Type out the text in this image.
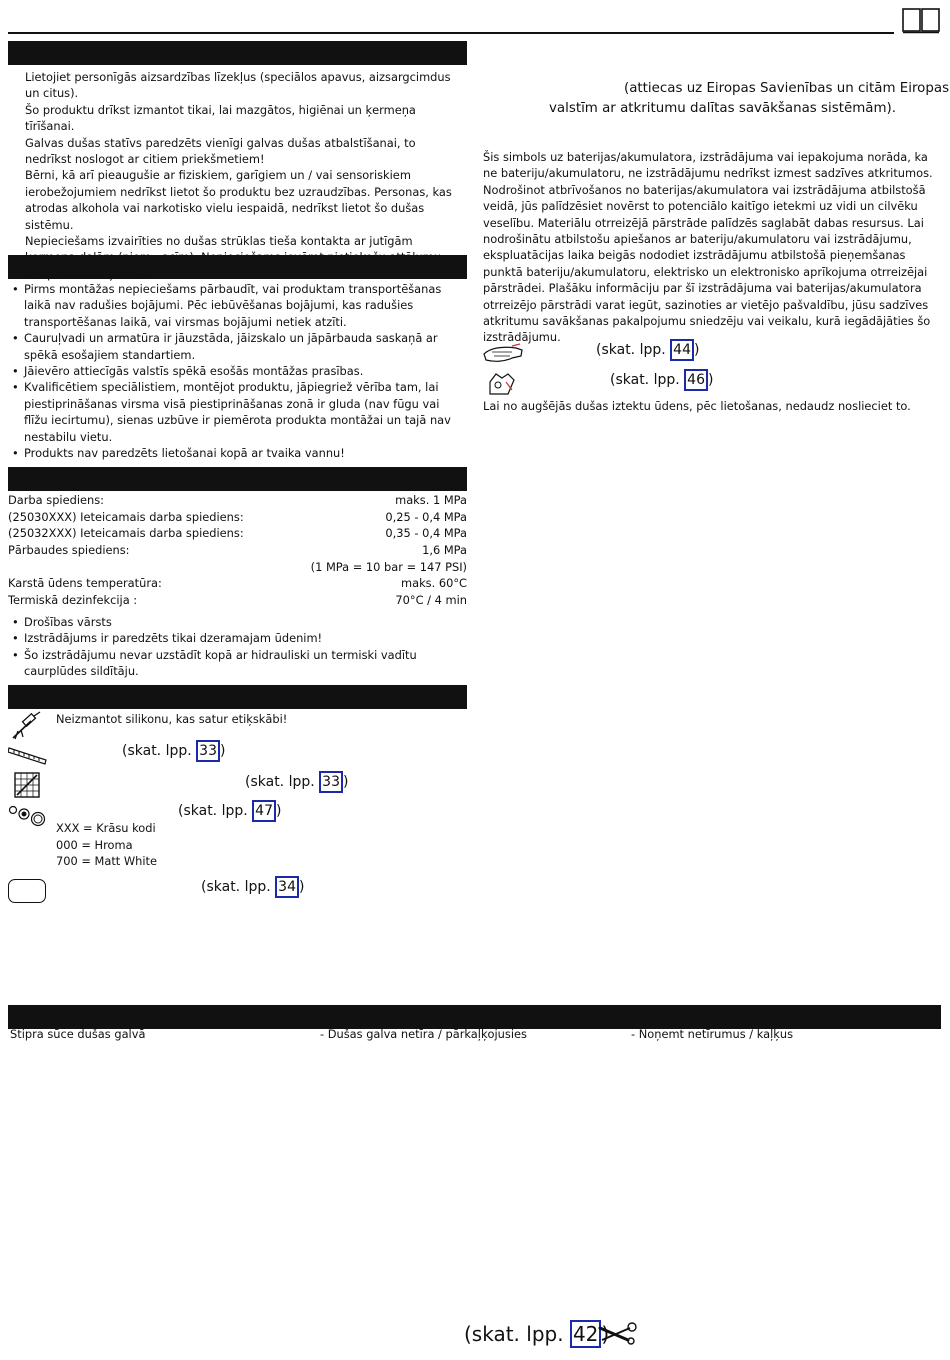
Lietojiet personīgās aizsardzības līzekļus (speciālos apavus, aizsargcimdus un citus).

Šo produktu drīkst izmantot tikai, lai mazgātos, higiēnai un ķermeņa tīrīšanai.

Galvas dušas statīvs paredzēts vienīgi galvas dušas atbalstīšanai, to nedrīkst noslogot ar citiem priekšmetiem!

Bērni, kā arī pieaugušie ar fiziskiem, garīgiem un / vai sensoriskiem ierobežojumiem nedrīkst lietot šo produktu bez uzraudzības. Personas, kas atrodas alkohola vai narkotisko vielu iespaidā, nedrīkst lietot šo dušas sistēmu.

Nepieciešams izvairīties no dušas strūklas tieša kontakta ar jutīgām ķermeņa daļām (piem., acīm). Nepieciešams ievērot pietiekošu attālumu starp dušu un ķermeni.

• Pirms montāžas nepieciešams pārbaudīt, vai produktam transportēšanas laikā nav radušies bojājumi. Pēc iebūvēšanas bojājumi, kas radušies transportēšanas laikā, vai virsmas bojājumi netiek atzīti.
• Cauruļvadi un armatūra ir jāuzstāda, jāizskalo un jāpārbauda saskaņā ar spēkā esošajiem standartiem.
• Jāievēro attiecīgās valstīs spēkā esošās montāžas prasības.
• Kvalificētiem speciālistiem, montējot produktu, jāpiegriež vērība tam, lai piestiprināšanas virsma visā piestiprināšanas zonā ir gluda (nav fūgu vai flīžu iecirtumu), sienas uzbūve ir piemērota produkta montāžai un tajā nav nestabilu vietu.
• Produkts nav paredzēts lietošanai kopā ar tvaika vannu!
Darba spiediens:	maks. 1 MPa
(25030XXX) Ieteicamais darba spiediens:	0,25 - 0,4 MPa
(25032XXX) Ieteicamais darba spiediens:	0,35 - 0,4 MPa
Pārbaudes spiediens:	1,6 MPa
(1 MPa = 10 bar = 147 PSI)
Karstā ūdens temperatūra:	maks. 60°C
Termiskā dezinfekcija :	70°C / 4 min
• Drošības vārsts
• Izstrādājums ir paredzēts tikai dzeramajam ūdenim!
• Šo izstrādājumu nevar uzstādīt kopā ar hidrauliski un termiski vadītu caurplūdes sildītāju.
Neizmantot silikonu, kas satur etiķskābi!
(skat. lpp. 33 )
(skat. lpp. 33 )
(skat. lpp. 47 )
XXX = Krāsu kodi
000 = Hroma
700 = Matt White
(skat. lpp. 34 )
(attiecas uz Eiropas Savienības un citām Eiropas
valstīm ar atkritumu dalītas savākšanas sistēmām).
Šis simbols uz baterijas/akumulatora, izstrādājuma vai iepakojuma norāda, ka ne bateriju/akumulatoru, ne izstrādājumu nedrīkst izmest sadzīves atkritumos. Nodrošinot atbrīvošanos no baterijas/akumulatora vai izstrādājuma atbilstošā veidā, jūs palīdzēsiet novērst to potenciālo kaitīgo ietekmi uz vidi un cilvēku veselību. Materiālu otrreizējā pārstrāde palīdzēs saglabāt dabas resursus. Lai nodrošinātu atbilstošu apiešanos ar bateriju/akumulatoru vai izstrādājumu, ekspluatācijas laika beigās nododiet izstrādājumu atbilstošā pieņemšanas punktā bateriju/akumulatoru, elektrisko un elektronisko aprīkojuma otrreizējai pārstrādei. Plašāku informāciju par šī izstrādājuma vai baterijas/akumulatora otrreizējo pārstrādi varat iegūt, sazinoties ar vietējo pašvaldību, jūsu sadzīves atkritumu savākšanas pakalpojumu sniedzēju vai veikalu, kurā iegādājāties šo izstrādājumu.
(skat. lpp. 44 )
(skat. lpp. 46 )
Lai no augšējās dušas iztektu ūdens, pēc lietošanas, nedaudz noslieciet to.
Stipra sūce dušas galvā	- Dušas galva netīra / pārkaļķojusies	- Noņemt netīrumus / kaļķus
(skat. lpp. 42 )
